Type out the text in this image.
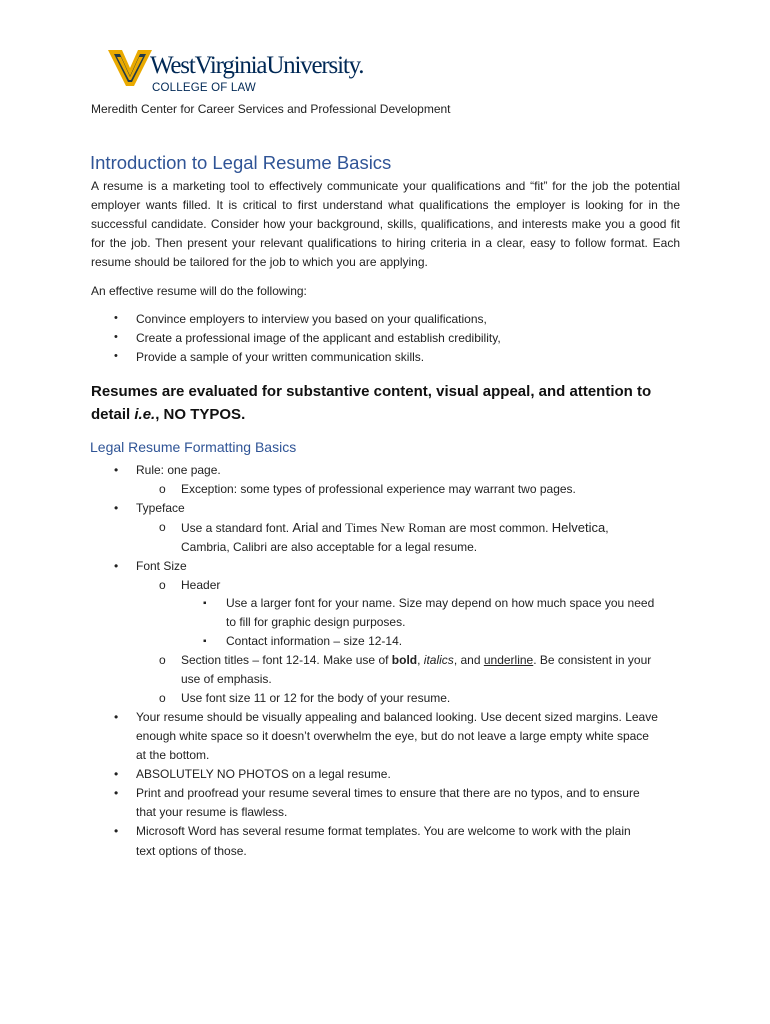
WestVirginiaUniversity.
COLLEGE OF LAW
Meredith Center for Career Services and Professional Development
Introduction to Legal Resume Basics

A resume is a marketing tool to effectively communicate your qualifications and “fit” for the job the potential employer wants filled. It is critical to first understand what qualifications the employer is looking for in the successful candidate. Consider how your background, skills, qualifications, and interests make you a good fit for the job. Then present your relevant qualifications to hiring criteria in a clear, easy to follow format. Each resume should be tailored for the job to which you are applying.

An effective resume will do the following:

• Convince employers to interview you based on your qualifications,
• Create a professional image of the applicant and establish credibility,
• Provide a sample of your written communication skills.
Resumes are evaluated for substantive content, visual appeal, and attention to detail i.e., NO TYPOS.
Legal Resume Formatting Basics
• Rule: one page.
o Exception: some types of professional experience may warrant two pages.
• Typeface
o Use a standard font. Arial and Times New Roman are most common. Helvetica,
Cambria, Calibri are also acceptable for a legal resume.
• Font Size
o Header
▪ Use a larger font for your name. Size may depend on how much space you need
to fill for graphic design purposes.
▪ Contact information – size 12-14.
o Section titles – font 12-14. Make use of bold, italics, and underline. Be consistent in your
use of emphasis.
o Use font size 11 or 12 for the body of your resume.
• Your resume should be visually appealing and balanced looking. Use decent sized margins. Leave
enough white space so it doesn’t overwhelm the eye, but do not leave a large empty white space
at the bottom.
• ABSOLUTELY NO PHOTOS on a legal resume.
• Print and proofread your resume several times to ensure that there are no typos, and to ensure
that your resume is flawless.
• Microsoft Word has several resume format templates. You are welcome to work with the plain
text options of those.
